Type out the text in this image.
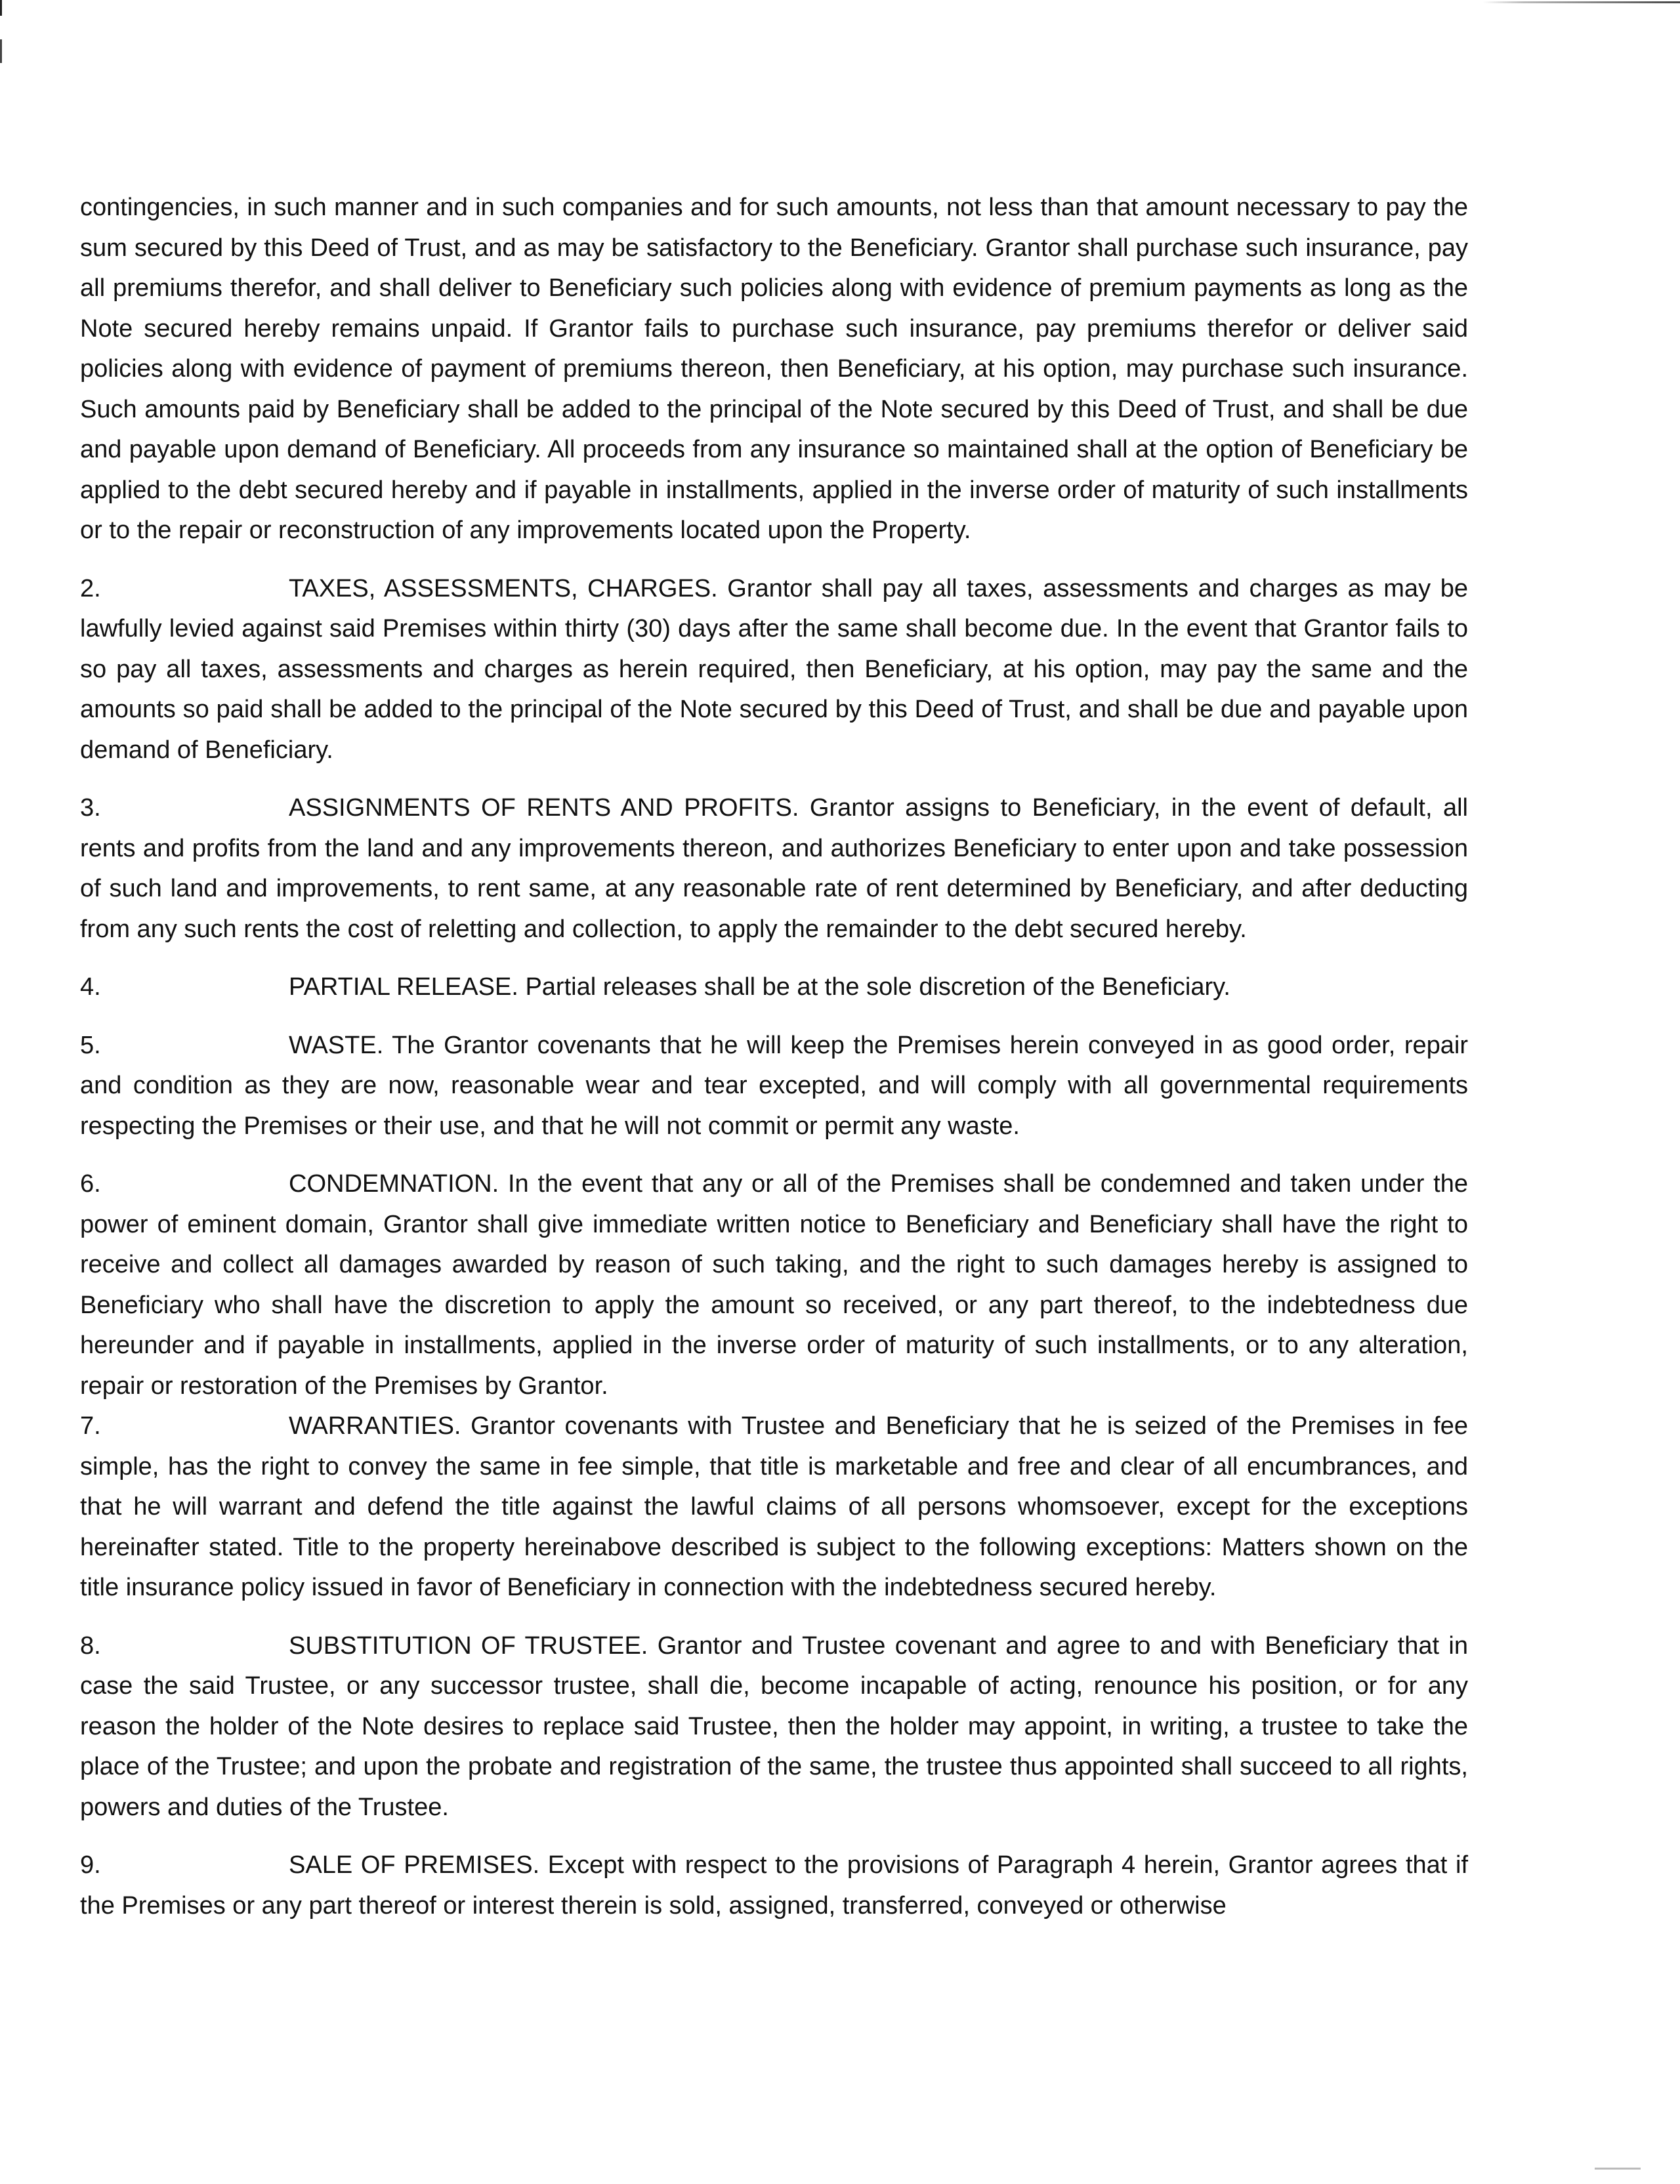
contingencies, in such manner and in such companies and for such amounts, not less than that amount necessary to pay the sum secured by this Deed of Trust, and as may be satisfactory to the Beneficiary. Grantor shall purchase such insurance, pay all premiums therefor, and shall deliver to Beneficiary such policies along with evidence of premium payments as long as the Note secured hereby remains unpaid. If Grantor fails to purchase such insurance, pay premiums therefor or deliver said policies along with evidence of payment of premiums thereon, then Beneficiary, at his option, may purchase such insurance. Such amounts paid by Beneficiary shall be added to the principal of the Note secured by this Deed of Trust, and shall be due and payable upon demand of Beneficiary. All proceeds from any insurance so maintained shall at the option of Beneficiary be applied to the debt secured hereby and if payable in installments, applied in the inverse order of maturity of such installments or to the repair or reconstruction of any improvements located upon the Property.

2.	TAXES, ASSESSMENTS, CHARGES. Grantor shall pay all taxes, assessments and charges as may be lawfully levied against said Premises within thirty (30) days after the same shall become due. In the event that Grantor fails to so pay all taxes, assessments and charges as herein required, then Beneficiary, at his option, may pay the same and the amounts so paid shall be added to the principal of the Note secured by this Deed of Trust, and shall be due and payable upon demand of Beneficiary.

3.	ASSIGNMENTS OF RENTS AND PROFITS. Grantor assigns to Beneficiary, in the event of default, all rents and profits from the land and any improvements thereon, and authorizes Beneficiary to enter upon and take possession of such land and improvements, to rent same, at any reasonable rate of rent determined by Beneficiary, and after deducting from any such rents the cost of reletting and collection, to apply the remainder to the debt secured hereby.

4.	PARTIAL RELEASE. Partial releases shall be at the sole discretion of the Beneficiary.

5.	WASTE. The Grantor covenants that he will keep the Premises herein conveyed in as good order, repair and condition as they are now, reasonable wear and tear excepted, and will comply with all governmental requirements respecting the Premises or their use, and that he will not commit or permit any waste.

6.	CONDEMNATION. In the event that any or all of the Premises shall be condemned and taken under the power of eminent domain, Grantor shall give immediate written notice to Beneficiary and Beneficiary shall have the right to receive and collect all damages awarded by reason of such taking, and the right to such damages hereby is assigned to Beneficiary who shall have the discretion to apply the amount so received, or any part thereof, to the indebtedness due hereunder and if payable in installments, applied in the inverse order of maturity of such installments, or to any alteration, repair or restoration of the Premises by Grantor.

7.	WARRANTIES. Grantor covenants with Trustee and Beneficiary that he is seized of the Premises in fee simple, has the right to convey the same in fee simple, that title is marketable and free and clear of all encumbrances, and that he will warrant and defend the title against the lawful claims of all persons whomsoever, except for the exceptions hereinafter stated. Title to the property hereinabove described is subject to the following exceptions: Matters shown on the title insurance policy issued in favor of Beneficiary in connection with the indebtedness secured hereby.

8.	SUBSTITUTION OF TRUSTEE. Grantor and Trustee covenant and agree to and with Beneficiary that in case the said Trustee, or any successor trustee, shall die, become incapable of acting, renounce his position, or for any reason the holder of the Note desires to replace said Trustee, then the holder may appoint, in writing, a trustee to take the place of the Trustee; and upon the probate and registration of the same, the trustee thus appointed shall succeed to all rights, powers and duties of the Trustee.

9.	SALE OF PREMISES. Except with respect to the provisions of Paragraph 4 herein, Grantor agrees that if the Premises or any part thereof or interest therein is sold, assigned, transferred, conveyed or otherwise
